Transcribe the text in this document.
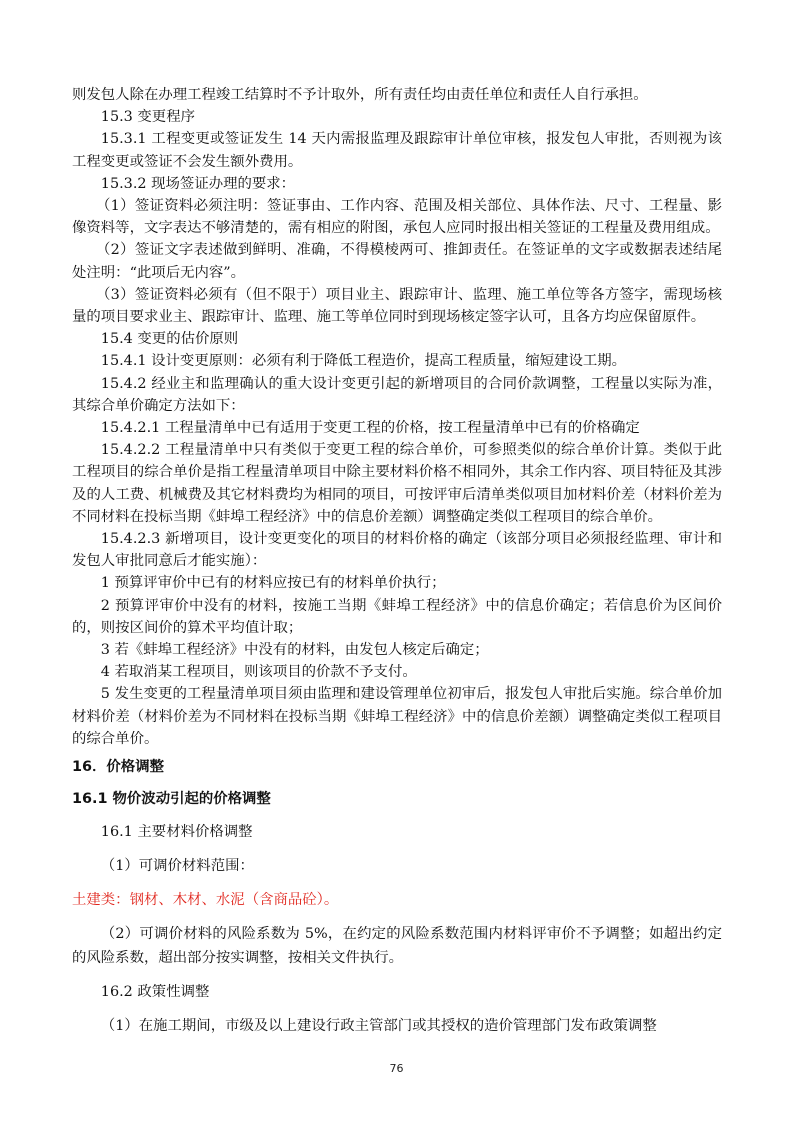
则发包人除在办理工程竣工结算时不予计取外，所有责任均由责任单位和责任人自行承担。

15.3 变更程序

15.3.1 工程变更或签证发生 14 天内需报监理及跟踪审计单位审核，报发包人审批，否则视为该工程变更或签证不会发生额外费用。

15.3.2 现场签证办理的要求：

（1）签证资料必须注明：签证事由、工作内容、范围及相关部位、具体作法、尺寸、工程量、影像资料等，文字表达不够清楚的，需有相应的附图，承包人应同时报出相关签证的工程量及费用组成。

（2）签证文字表述做到鲜明、准确，不得模棱两可、推卸责任。在签证单的文字或数据表述结尾处注明：“此项后无内容”。

（3）签证资料必须有（但不限于）项目业主、跟踪审计、监理、施工单位等各方签字，需现场核量的项目要求业主、跟踪审计、监理、施工等单位同时到现场核定签字认可，且各方均应保留原件。

15.4 变更的估价原则

15.4.1 设计变更原则：必须有利于降低工程造价，提高工程质量，缩短建设工期。

15.4.2 经业主和监理确认的重大设计变更引起的新增项目的合同价款调整，工程量以实际为准，其综合单价确定方法如下：

15.4.2.1 工程量清单中已有适用于变更工程的价格，按工程量清单中已有的价格确定

15.4.2.2 工程量清单中只有类似于变更工程的综合单价，可参照类似的综合单价计算。类似于此工程项目的综合单价是指工程量清单项目中除主要材料价格不相同外，其余工作内容、项目特征及其涉及的人工费、机械费及其它材料费均为相同的项目，可按评审后清单类似项目加材料价差（材料价差为不同材料在投标当期《蚌埠工程经济》中的信息价差额）调整确定类似工程项目的综合单价。

15.4.2.3 新增项目，设计变更变化的项目的材料价格的确定（该部分项目必须报经监理、审计和发包人审批同意后才能实施）：

1 预算评审价中已有的材料应按已有的材料单价执行；

2 预算评审价中没有的材料，按施工当期《蚌埠工程经济》中的信息价确定；若信息价为区间价的，则按区间价的算术平均值计取；

3 若《蚌埠工程经济》中没有的材料，由发包人核定后确定；

4 若取消某工程项目，则该项目的价款不予支付。

5 发生变更的工程量清单项目须由监理和建设管理单位初审后，报发包人审批后实施。综合单价加材料价差（材料价差为不同材料在投标当期《蚌埠工程经济》中的信息价差额）调整确定类似工程项目的综合单价。

16．价格调整

16.1 物价波动引起的价格调整

16.1 主要材料价格调整

（1）可调价材料范围：

土建类：钢材、木材、水泥（含商品砼）。

（2）可调价材料的风险系数为 5%，在约定的风险系数范围内材料评审价不予调整；如超出约定的风险系数，超出部分按实调整，按相关文件执行。

16.2 政策性调整

（1）在施工期间，市级及以上建设行政主管部门或其授权的造价管理部门发布政策调整

76
